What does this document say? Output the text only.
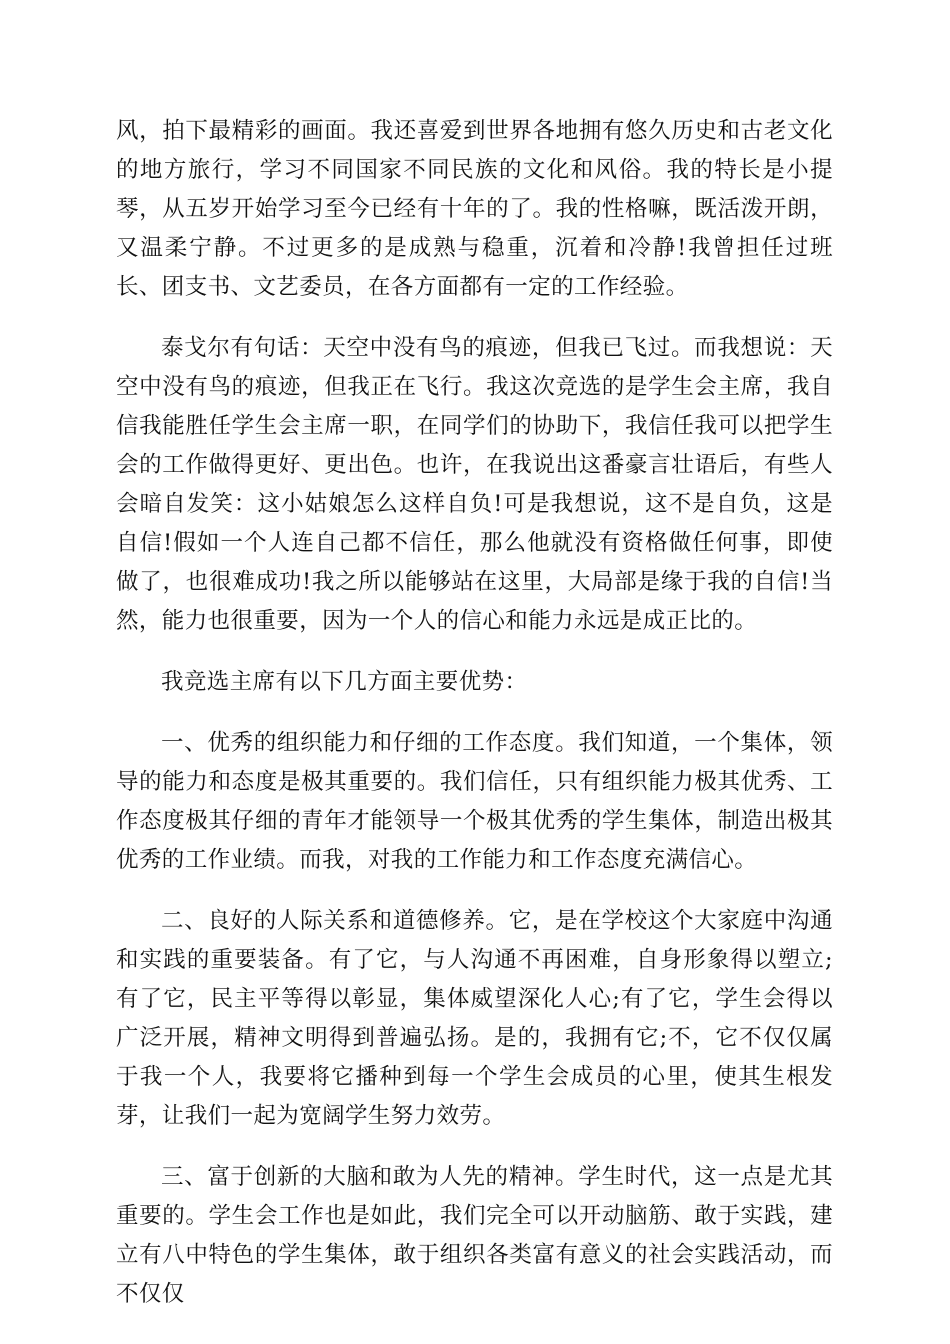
风，拍下最精彩的画面。我还喜爱到世界各地拥有悠久历史和古老文化的地方旅行，学习不同国家不同民族的文化和风俗。我的特长是小提琴，从五岁开始学习至今已经有十年的了。我的性格嘛，既活泼开朗，又温柔宁静。不过更多的是成熟与稳重，沉着和冷静!我曾担任过班长、团支书、文艺委员，在各方面都有一定的工作经验。

泰戈尔有句话：天空中没有鸟的痕迹，但我已飞过。而我想说：天空中没有鸟的痕迹，但我正在飞行。我这次竞选的是学生会主席，我自信我能胜任学生会主席一职，在同学们的协助下，我信任我可以把学生会的工作做得更好、更出色。也许，在我说出这番豪言壮语后，有些人会暗自发笑：这小姑娘怎么这样自负!可是我想说，这不是自负，这是自信!假如一个人连自己都不信任，那么他就没有资格做任何事，即使做了，也很难成功!我之所以能够站在这里，大局部是缘于我的自信!当然，能力也很重要，因为一个人的信心和能力永远是成正比的。

我竞选主席有以下几方面主要优势：

一、优秀的组织能力和仔细的工作态度。我们知道，一个集体，领导的能力和态度是极其重要的。我们信任，只有组织能力极其优秀、工作态度极其仔细的青年才能领导一个极其优秀的学生集体，制造出极其优秀的工作业绩。而我，对我的工作能力和工作态度充满信心。

二、良好的人际关系和道德修养。它，是在学校这个大家庭中沟通和实践的重要装备。有了它，与人沟通不再困难，自身形象得以塑立;有了它，民主平等得以彰显，集体威望深化人心;有了它，学生会得以广泛开展，精神文明得到普遍弘扬。是的，我拥有它;不，它不仅仅属于我一个人，我要将它播种到每一个学生会成员的心里，使其生根发芽，让我们一起为宽阔学生努力效劳。

三、富于创新的大脑和敢为人先的精神。学生时代，这一点是尤其重要的。学生会工作也是如此，我们完全可以开动脑筋、敢于实践，建立有八中特色的学生集体，敢于组织各类富有意义的社会实践活动，而不仅仅
